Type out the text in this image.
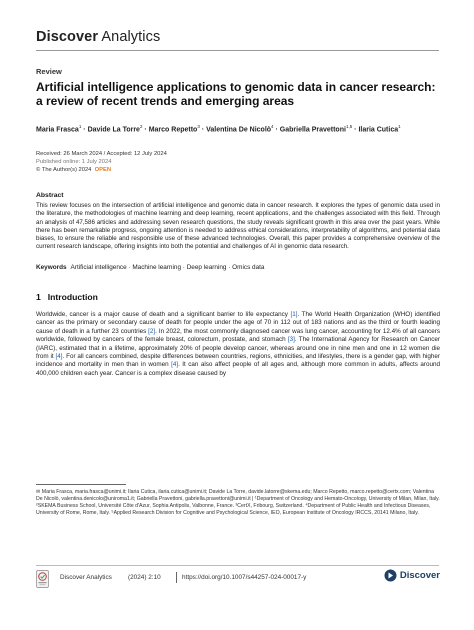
Discover Analytics
Review
Artificial intelligence applications to genomic data in cancer research: a review of recent trends and emerging areas
Maria Frasca$^1$ · Davide La Torre$^2$ · Marco Repetto$^3$ · Valentina De Nicolò$^4$ · Gabriella Pravettoni$^{1,5}$ · Ilaria Cutica$^1$
Received: 26 March 2024 / Accepted: 12 July 2024
Published online: 1 July 2024
© The Author(s) 2024 OPEN
Abstract

This review focuses on the intersection of artificial intelligence and genomic data in cancer research. It explores the types of genomic data used in the literature, the methodologies of machine learning and deep learning, recent applications, and the challenges associated with this field. Through an analysis of 47,586 articles and addressing seven research questions, the study reveals significant growth in this area over the past years. While there has been remarkable progress, ongoing attention is needed to address ethical considerations, interpretability of algorithms, and potential data biases, to ensure the reliable and responsible use of these advanced technologies. Overall, this paper provides a comprehensive overview of the current research landscape, offering insights into both the potential and challenges of AI in genomic data research.

Keywords Artificial intelligence · Machine learning · Deep learning · Omics data
1 Introduction

Worldwide, cancer is a major cause of death and a significant barrier to life expectancy [1]. The World Health Organization (WHO) identified cancer as the primary or secondary cause of death for people under the age of 70 in 112 out of 183 nations and as the third or fourth leading cause of death in a further 23 countries [2]. In 2022, the most commonly diagnosed cancer was lung cancer, accounting for 12.4% of all cancers worldwide, followed by cancers of the female breast, colorectum, prostate, and stomach [3]. The International Agency for Research on Cancer (IARC), estimated that in a lifetime, approximately 20% of people develop cancer, whereas around one in nine men and one in 12 women die from it [4]. For all cancers combined, despite differences between countries, regions, ethnicities, and lifestyles, there is a gender gap, with higher incidence and mortality in men than in women [4]. It can also affect people of all ages and, although more common in adults, affects around 400,000 children each year. Cancer is a complex disease caused by

✉ Maria Frasca, maria.frasca@unimi.it; Ilaria Cutica, ilaria.cutica@unimi.it; Davide La Torre, davide.latorre@skema.edu; Marco Repetto, marco.repetto@certx.com; Valentina De Nicolò, valentina.denicolo@uniroma1.it; Gabriella Pravettoni, gabriella.pravettoni@unimi.it | ¹Department of Oncology and Hemato-Oncology, University of Milan, Milan, Italy. ²SKEMA Business School, Université Côte d'Azur, Sophia Antipolis, Valbonne, France. ³CertX, Fribourg, Switzerland. ⁴Department of Public Health and Infectious Diseases, University of Rome, Rome, Italy. ⁵Applied Research Division for Cognitive and Psychological Science, IEO, European Institute of Oncology IRCCS, 20141 Milano, Italy.

Discover Analytics	(2024) 2:10	https://doi.org/10.1007/s44257-024-00017-y	Discover
